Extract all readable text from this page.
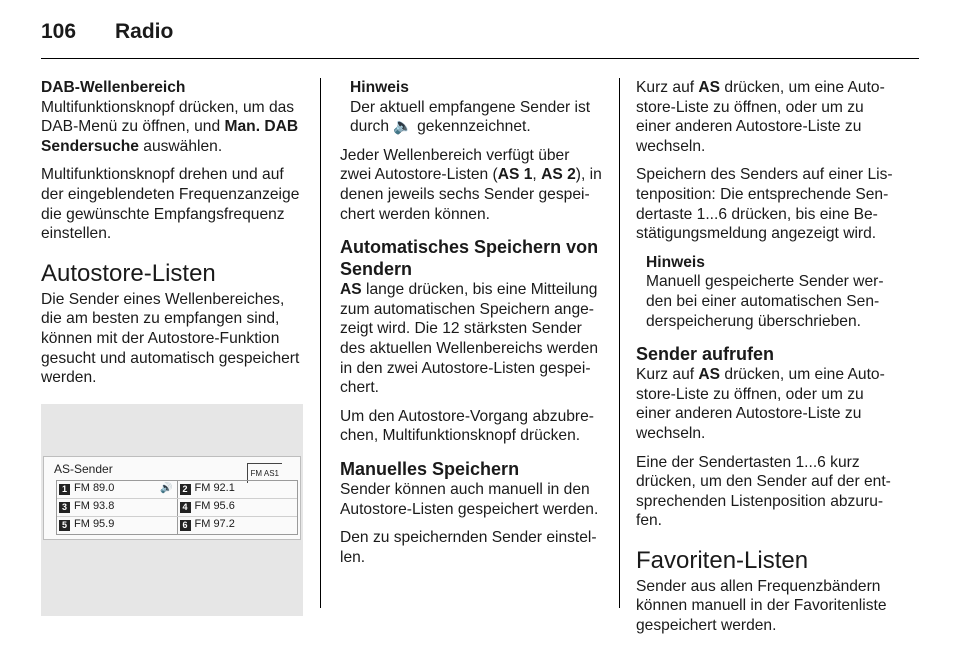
106 Radio
DAB-Wellenbereich

Multifunktionsknopf drücken, um das DAB-Menü zu öffnen, und Man. DAB Sendersuche auswählen.

Multifunktionsknopf drehen und auf der eingeblendeten Frequenzanzeige die gewünschte Empfangsfrequenz einstellen.

Autostore-Listen

Die Sender eines Wellenbereiches, die am besten zu empfangen sind, können mit der Autostore-Funktion gesucht und automatisch gespeichert werden.

AS-Sender	FM AS1
1 FM 89.0	🔊	2 FM 92.1
3 FM 93.8	4 FM 95.6
5 FM 95.9	6 FM 97.2
Hinweis
Der aktuell empfangene Sender ist durch 🔈 gekennzeichnet.

Jeder Wellenbereich verfügt über zwei Autostore-Listen (AS 1, AS 2), in denen jeweils sechs Sender gespeichert werden können.

Automatisches Speichern von Sendern

AS lange drücken, bis eine Mitteilung zum automatischen Speichern angezeigt wird. Die 12 stärksten Sender des aktuellen Wellenbereichs werden in den zwei Autostore-Listen gespeichert.

Um den Autostore-Vorgang abzubrechen, Multifunktionsknopf drücken.

Manuelles Speichern

Sender können auch manuell in den Autostore-Listen gespeichert werden.

Den zu speichernden Sender einstellen.

Kurz auf AS drücken, um eine Autostore-Liste zu öffnen, oder um zu einer anderen Autostore-Liste zu wechseln.

Speichern des Senders auf einer Listenposition: Die entsprechende Sendertaste 1...6 drücken, bis eine Bestätigungsmeldung angezeigt wird.

Hinweis
Manuell gespeicherte Sender werden bei einer automatischen Senderspeicherung überschrieben.
Sender aufrufen

Kurz auf AS drücken, um eine Autostore-Liste zu öffnen, oder um zu einer anderen Autostore-Liste zu wechseln.

Eine der Sendertasten 1...6 kurz drücken, um den Sender auf der entsprechenden Listenposition abzurufen.

Favoriten-Listen

Sender aus allen Frequenzbändern können manuell in der Favoritenliste gespeichert werden.
